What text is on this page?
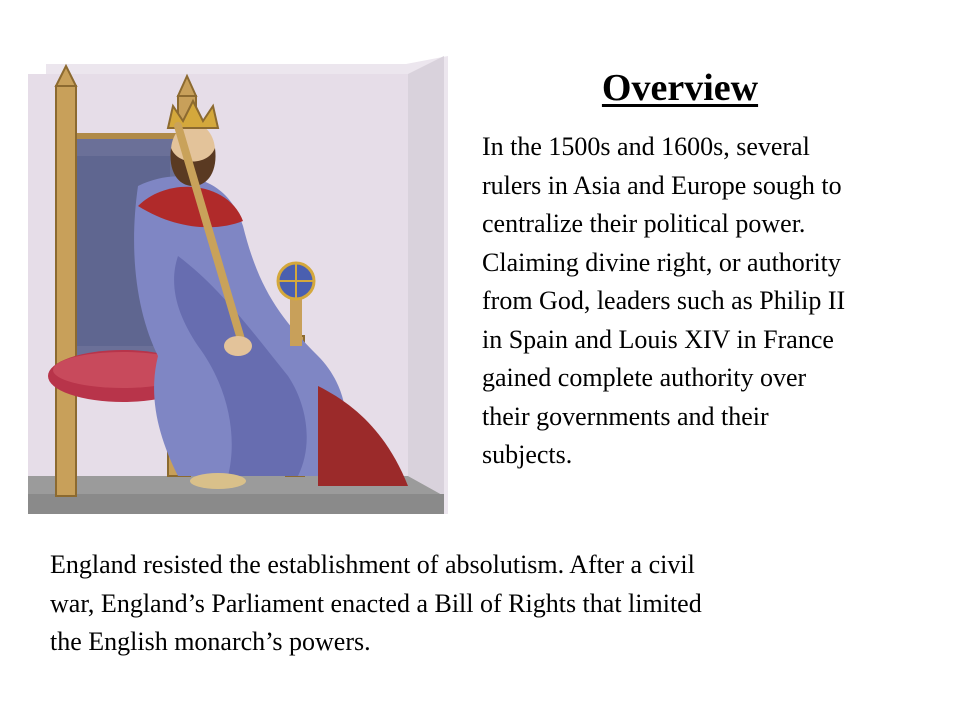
Overview

In the 1500s and 1600s, several
rulers in Asia and Europe sough to
centralize their political power.
Claiming divine right, or authority
from God, leaders such as Philip II
in Spain and Louis XIV in France
gained complete authority over
their governments and their
subjects.

England resisted the establishment of absolutism. After a civil
war, England’s Parliament enacted a Bill of Rights that limited
the English monarch’s powers.
